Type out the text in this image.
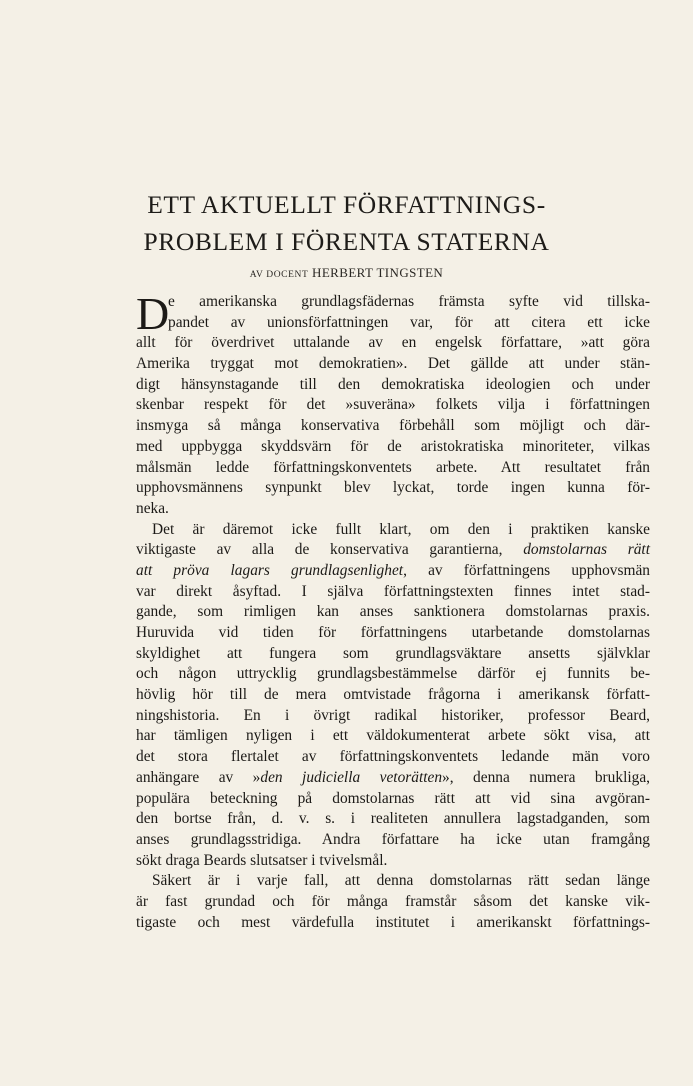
ETT AKTUELLT FÖRFATTNINGS-
PROBLEM I FÖRENTA STATERNA
AV DOCENT HERBERT TINGSTEN
D
e amerikanska grundlagsfädernas främsta syfte vid tillska-
pandet av unionsförfattningen var, för att citera ett icke
allt för överdrivet uttalande av en engelsk författare, »att göra
Amerika tryggat mot demokratien». Det gällde att under stän-
digt hänsynstagande till den demokratiska ideologien och under
skenbar respekt för det »suveräna» folkets vilja i författningen
insmyga så många konservativa förbehåll som möjligt och där-
med uppbygga skyddsvärn för de aristokratiska minoriteter, vilkas
målsmän ledde författningskonventets arbete. Att resultatet från
upphovsmännens synpunkt blev lyckat, torde ingen kunna för-
neka.
Det är däremot icke fullt klart, om den i praktiken kanske
viktigaste av alla de konservativa garantierna, domstolarnas rätt
att pröva lagars grundlagsenlighet, av författningens upphovsmän
var direkt åsyftad. I själva författningstexten finnes intet stad-
gande, som rimligen kan anses sanktionera domstolarnas praxis.
Huruvida vid tiden för författningens utarbetande domstolarnas
skyldighet att fungera som grundlagsväktare ansetts självklar
och någon uttrycklig grundlagsbestämmelse därför ej funnits be-
hövlig hör till de mera omtvistade frågorna i amerikansk författ-
ningshistoria. En i övrigt radikal historiker, professor Beard,
har tämligen nyligen i ett väldokumenterat arbete sökt visa, att
det stora flertalet av författningskonventets ledande män voro
anhängare av »den judiciella vetorätten», denna numera brukliga,
populära beteckning på domstolarnas rätt att vid sina avgöran-
den bortse från, d. v. s. i realiteten annullera lagstadganden, som
anses grundlagsstridiga. Andra författare ha icke utan framgång
sökt draga Beards slutsatser i tvivelsmål.
Säkert är i varje fall, att denna domstolarnas rätt sedan länge
är fast grundad och för många framstår såsom det kanske vik-
tigaste och mest värdefulla institutet i amerikanskt författnings-
